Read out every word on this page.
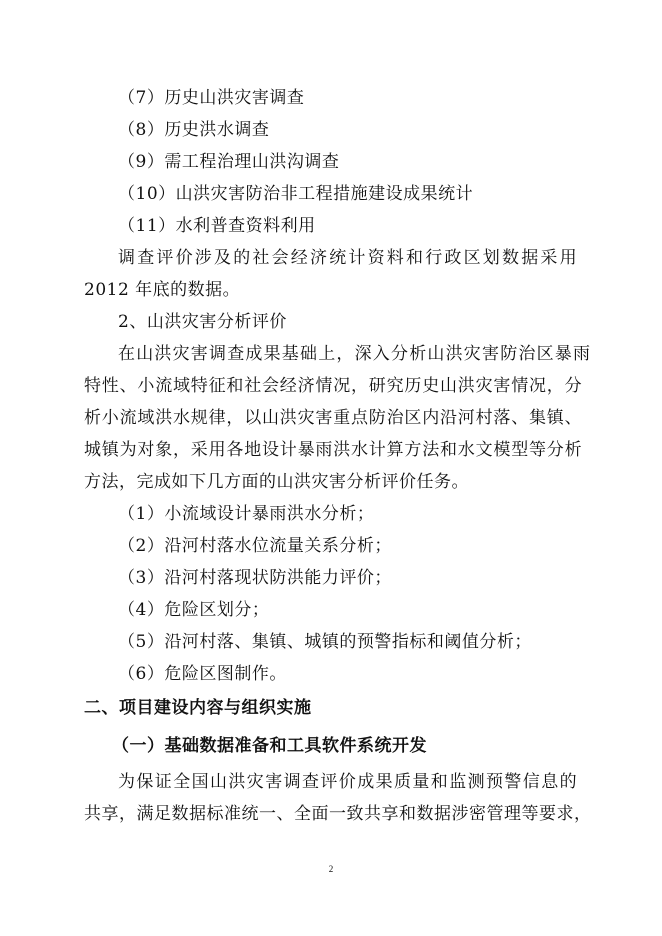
（7）历史山洪灾害调查
（8）历史洪水调查
（9）需工程治理山洪沟调查
（10）山洪灾害防治非工程措施建设成果统计
（11）水利普查资料利用
调查评价涉及的社会经济统计资料和行政区划数据采用
2012 年底的数据。
2、山洪灾害分析评价
在山洪灾害调查成果基础上，深入分析山洪灾害防治区暴雨
特性、小流域特征和社会经济情况，研究历史山洪灾害情况，分
析小流域洪水规律，以山洪灾害重点防治区内沿河村落、集镇、
城镇为对象，采用各地设计暴雨洪水计算方法和水文模型等分析
方法，完成如下几方面的山洪灾害分析评价任务。
（1）小流域设计暴雨洪水分析；
（2）沿河村落水位流量关系分析；
（3）沿河村落现状防洪能力评价；
（4）危险区划分；
（5）沿河村落、集镇、城镇的预警指标和阈值分析；
（6）危险区图制作。
二、项目建设内容与组织实施
（一）基础数据准备和工具软件系统开发
为保证全国山洪灾害调查评价成果质量和监测预警信息的
共享，满足数据标准统一、全面一致共享和数据涉密管理等要求，
2
